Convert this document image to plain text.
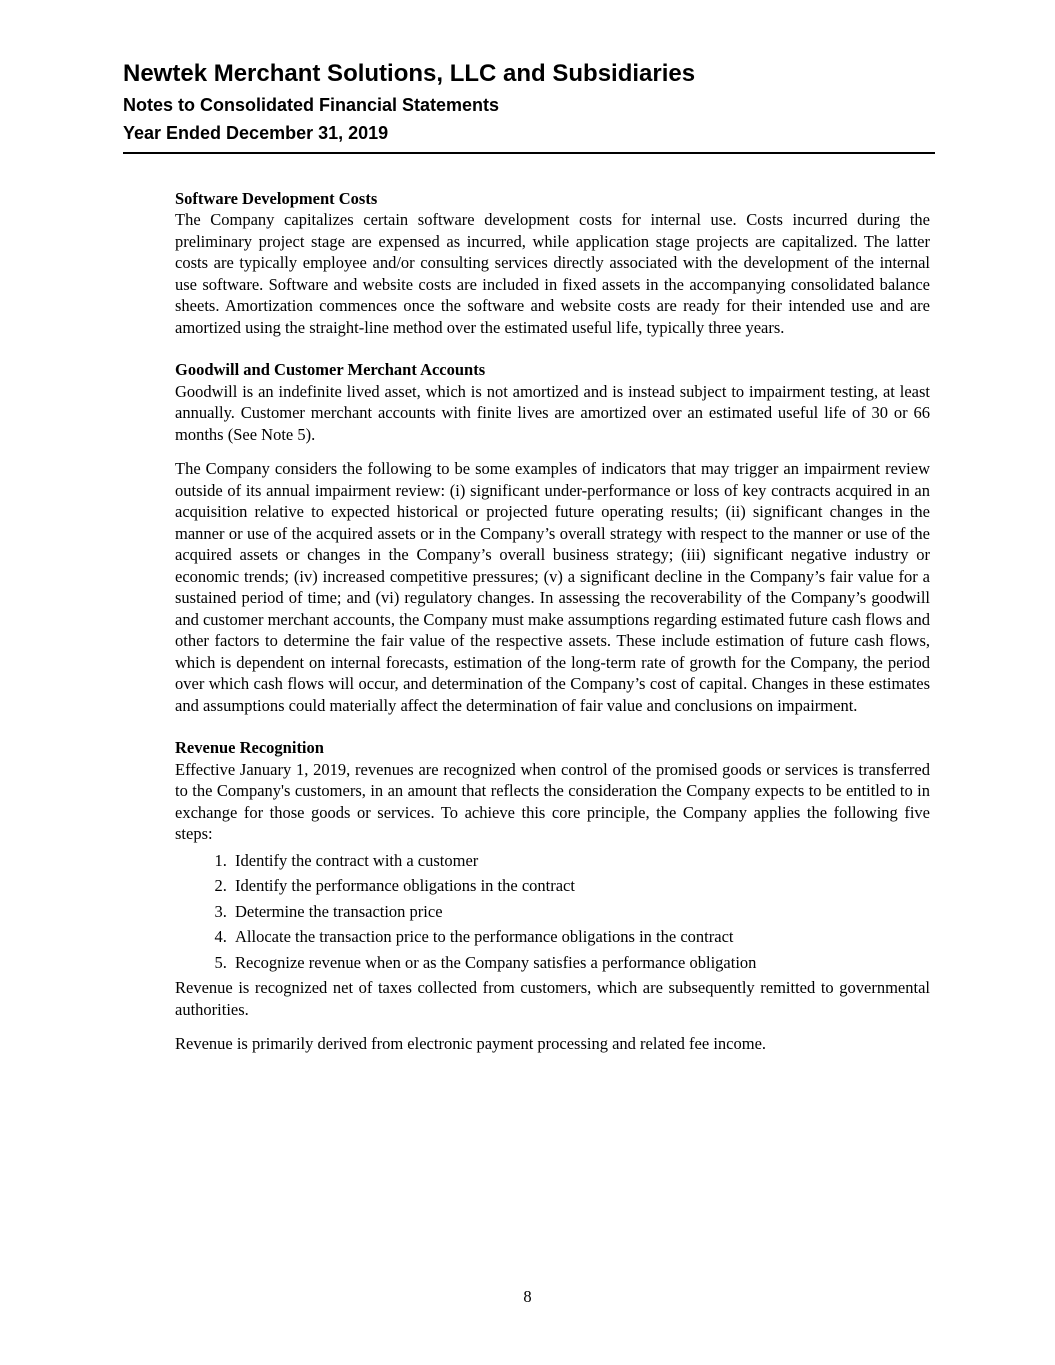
Newtek Merchant Solutions, LLC and Subsidiaries
Notes to Consolidated Financial Statements
Year Ended December 31, 2019
Software Development Costs

The Company capitalizes certain software development costs for internal use. Costs incurred during the preliminary project stage are expensed as incurred, while application stage projects are capitalized. The latter costs are typically employee and/or consulting services directly associated with the development of the internal use software. Software and website costs are included in fixed assets in the accompanying consolidated balance sheets. Amortization commences once the software and website costs are ready for their intended use and are amortized using the straight-line method over the estimated useful life, typically three years.

Goodwill and Customer Merchant Accounts

Goodwill is an indefinite lived asset, which is not amortized and is instead subject to impairment testing, at least annually. Customer merchant accounts with finite lives are amortized over an estimated useful life of 30 or 66 months (See Note 5).

The Company considers the following to be some examples of indicators that may trigger an impairment review outside of its annual impairment review: (i) significant under-performance or loss of key contracts acquired in an acquisition relative to expected historical or projected future operating results; (ii) significant changes in the manner or use of the acquired assets or in the Company’s overall strategy with respect to the manner or use of the acquired assets or changes in the Company’s overall business strategy; (iii) significant negative industry or economic trends; (iv) increased competitive pressures; (v) a significant decline in the Company’s fair value for a sustained period of time; and (vi) regulatory changes. In assessing the recoverability of the Company’s goodwill and customer merchant accounts, the Company must make assumptions regarding estimated future cash flows and other factors to determine the fair value of the respective assets. These include estimation of future cash flows, which is dependent on internal forecasts, estimation of the long-term rate of growth for the Company, the period over which cash flows will occur, and determination of the Company’s cost of capital. Changes in these estimates and assumptions could materially affect the determination of fair value and conclusions on impairment.

Revenue Recognition

Effective January 1, 2019, revenues are recognized when control of the promised goods or services is transferred to the Company's customers, in an amount that reflects the consideration the Company expects to be entitled to in exchange for those goods or services. To achieve this core principle, the Company applies the following five steps:

1. Identify the contract with a customer
2. Identify the performance obligations in the contract
3. Determine the transaction price
4. Allocate the transaction price to the performance obligations in the contract
5. Recognize revenue when or as the Company satisfies a performance obligation

Revenue is recognized net of taxes collected from customers, which are subsequently remitted to governmental authorities.

Revenue is primarily derived from electronic payment processing and related fee income.

8
